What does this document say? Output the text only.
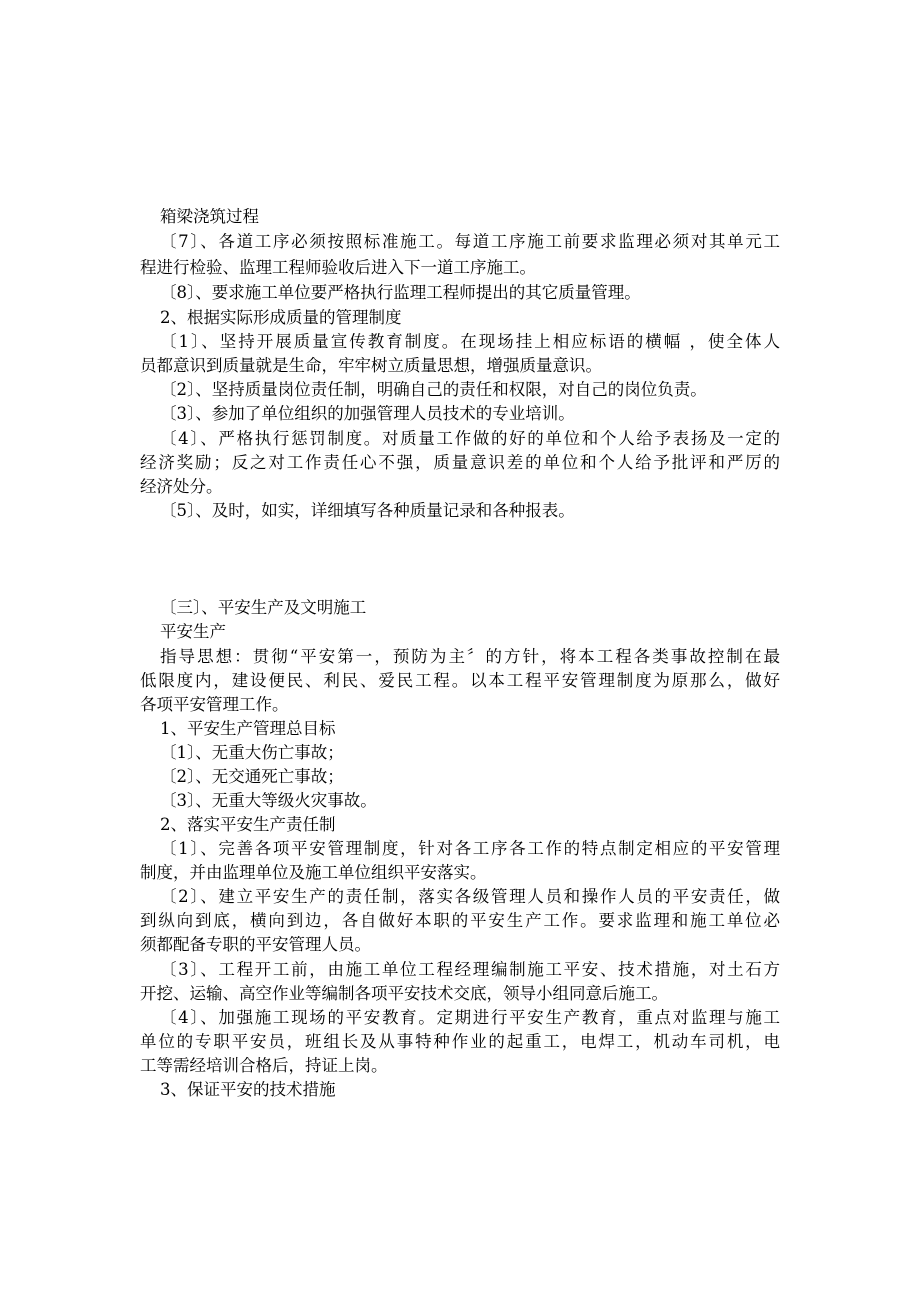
箱梁浇筑过程
〔7〕、各道工序必须按照标准施工。每道工序施工前要求监理必须对其单元工
程进行检验、监理工程师验收后进入下一道工序施工。
〔8〕、要求施工单位要严格执行监理工程师提出的其它质量管理。
2、根据实际形成质量的管理制度
〔1〕、坚持开展质量宣传教育制度。在现场挂上相应标语的横幅 ，使全体人
员都意识到质量就是生命，牢牢树立质量思想，增强质量意识。
〔2〕、坚持质量岗位责任制，明确自己的责任和权限，对自己的岗位负责。
〔3〕、参加了单位组织的加强管理人员技术的专业培训。
〔4〕、严格执行惩罚制度。对质量工作做的好的单位和个人给予表扬及一定的
经济奖励；反之对工作责任心不强，质量意识差的单位和个人给予批评和严厉的
经济处分。
〔5〕、及时，如实，详细填写各种质量记录和各种报表。
〔三〕、平安生产及文明施工
平安生产
指导思想：贯彻“平安第一，预防为主〞的方针，将本工程各类事故控制在最
低限度内，建设便民、利民、爱民工程。以本工程平安管理制度为原那么，做好
各项平安管理工作。
1、平安生产管理总目标
〔1〕、无重大伤亡事故；
〔2〕、无交通死亡事故；
〔3〕、无重大等级火灾事故。
2、落实平安生产责任制
〔1〕、完善各项平安管理制度，针对各工序各工作的特点制定相应的平安管理
制度，并由监理单位及施工单位组织平安落实。
〔2〕、建立平安生产的责任制，落实各级管理人员和操作人员的平安责任，做
到纵向到底，横向到边，各自做好本职的平安生产工作。要求监理和施工单位必
须都配备专职的平安管理人员。
〔3〕、工程开工前，由施工单位工程经理编制施工平安、技术措施，对土石方
开挖、运输、高空作业等编制各项平安技术交底，领导小组同意后施工。
〔4〕、加强施工现场的平安教育。定期进行平安生产教育，重点对监理与施工
单位的专职平安员，班组长及从事特种作业的起重工，电焊工，机动车司机，电
工等需经培训合格后，持证上岗。
3、保证平安的技术措施
